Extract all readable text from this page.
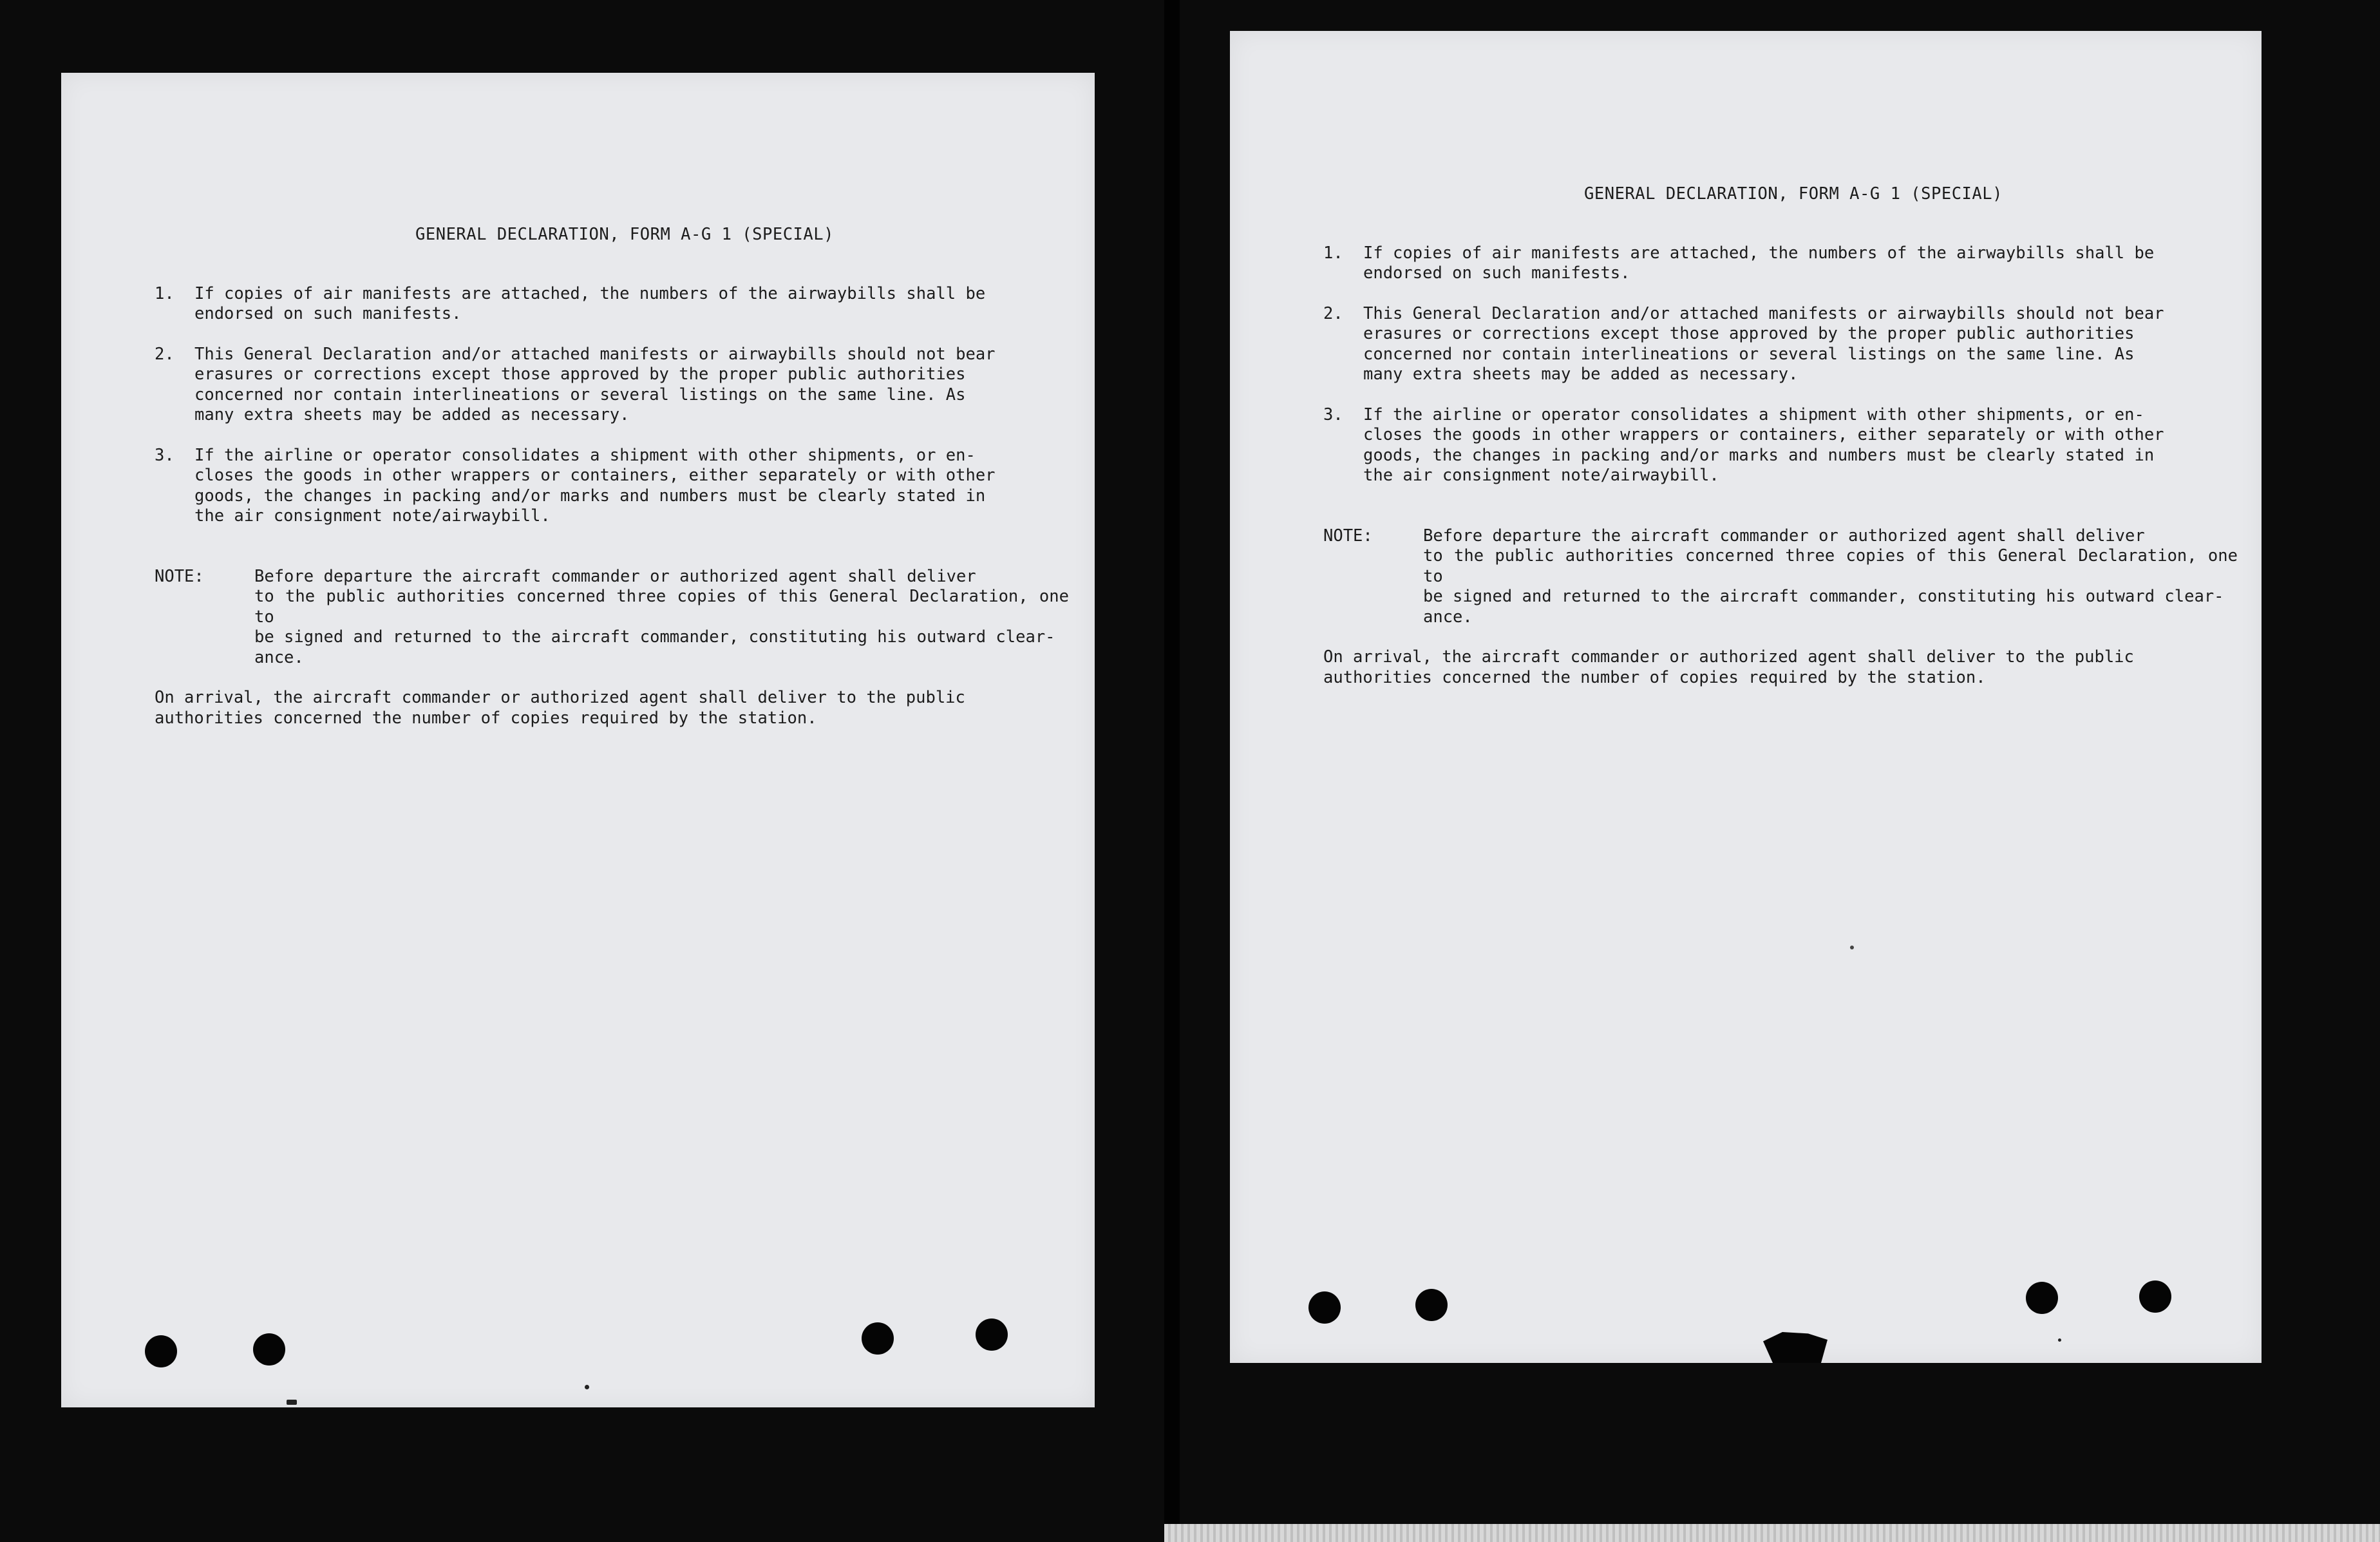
GENERAL DECLARATION, FORM A-G 1 (SPECIAL)
1.	If copies of air manifests are attached, the numbers of the airwaybills shall be
endorsed on such manifests.
2.	This General Declaration and/or attached manifests or airwaybills should not bear
erasures or corrections except those approved by the proper public authorities
concerned nor contain interlineations or several listings on the same line. As
many extra sheets may be added as necessary.
3.	If the airline or operator consolidates a shipment with other shipments, or en-
closes the goods in other wrappers or containers, either separately or with other
goods, the changes in packing and/or marks and numbers must be clearly stated in
the air consignment note/airwaybill.
NOTE:	Before departure the aircraft commander or authorized agent shall deliver
to the public authorities concerned three copies of this General Declaration, one to
be signed and returned to the aircraft commander, constituting his outward clear-
ance.
On arrival, the aircraft commander or authorized agent shall deliver to the public
authorities concerned the number of copies required by the station.
GENERAL DECLARATION, FORM A-G 1 (SPECIAL)
1.	If copies of air manifests are attached, the numbers of the airwaybills shall be
endorsed on such manifests.
2.	This General Declaration and/or attached manifests or airwaybills should not bear
erasures or corrections except those approved by the proper public authorities
concerned nor contain interlineations or several listings on the same line. As
many extra sheets may be added as necessary.
3.	If the airline or operator consolidates a shipment with other shipments, or en-
closes the goods in other wrappers or containers, either separately or with other
goods, the changes in packing and/or marks and numbers must be clearly stated in
the air consignment note/airwaybill.
NOTE:	Before departure the aircraft commander or authorized agent shall deliver
to the public authorities concerned three copies of this General Declaration, one to
be signed and returned to the aircraft commander, constituting his outward clear-
ance.
On arrival, the aircraft commander or authorized agent shall deliver to the public
authorities concerned the number of copies required by the station.
